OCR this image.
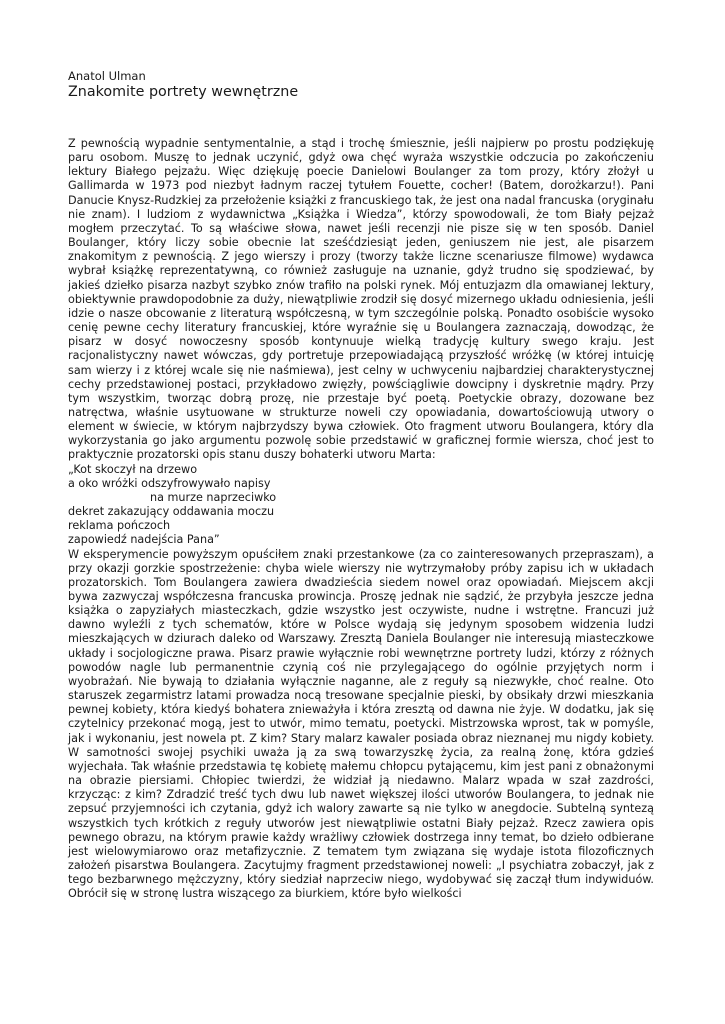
Anatol Ulman

Znakomite portrety wewnętrzne

Z pewnością wypadnie sentymentalnie, a stąd i trochę śmiesznie, jeśli najpierw po prostu podziękuję paru osobom. Muszę to jednak uczynić, gdyż owa chęć wyraża wszystkie odczucia po zakończeniu lektury Białego pejzażu. Więc dziękuję poecie Danielowi Boulanger za tom prozy, który złożył u Gallimarda w 1973 pod niezbyt ładnym raczej tytułem Fouette, cocher! (Batem, dorożkarzu!). Pani Danucie Knysz-Rudzkiej za przełożenie książki z francuskiego tak, że jest ona nadal francuska (oryginału nie znam). I ludziom z wydawnictwa „Książka i Wiedza”, którzy spowodowali, że tom Biały pejzaż mogłem przeczytać. To są właściwe słowa, nawet jeśli recenzji nie pisze się w ten sposób. Daniel Boulanger, który liczy sobie obecnie lat sześćdziesiąt jeden, geniuszem nie jest, ale pisarzem znakomitym z pewnością. Z jego wierszy i prozy (tworzy także liczne scenariusze filmowe) wydawca wybrał książkę reprezentatywną, co również zasługuje na uznanie, gdyż trudno się spodziewać, by jakieś dziełko pisarza nazbyt szybko znów trafiło na polski rynek. Mój entuzjazm dla omawianej lektury, obiektywnie prawdopodobnie za duży, niewątpliwie zrodził się dosyć mizernego układu odniesienia, jeśli idzie o nasze obcowanie z literaturą współczesną, w tym szczególnie polską. Ponadto osobiście wysoko cenię pewne cechy literatury francuskiej, które wyraźnie się u Boulangera zaznaczają, dowodząc, że pisarz w dosyć nowoczesny sposób kontynuuje wielką tradycję kultury swego kraju. Jest racjonalistyczny nawet wówczas, gdy portretuje przepowiadającą przyszłość wróżkę (w której intuicję sam wierzy i z której wcale się nie naśmiewa), jest celny w uchwyceniu najbardziej charakterystycznej cechy przedstawionej postaci, przykładowo zwięzły, powściągliwie dowcipny i dyskretnie mądry. Przy tym wszystkim, tworząc dobrą prozę, nie przestaje być poetą. Poetyckie obrazy, dozowane bez natręctwa, właśnie usytuowane w strukturze noweli czy opowiadania, dowartościowują utwory o element w świecie, w którym najbrzydszy bywa człowiek. Oto fragment utworu Boulangera, który dla wykorzystania go jako argumentu pozwolę sobie przedstawić w graficznej formie wiersza, choć jest to praktycznie prozatorski opis stanu duszy bohaterki utworu Marta:

„Kot skoczył na drzewo
a oko wróżki odszyfrowywało napisy
na murze naprzeciwko
dekret zakazujący oddawania moczu
reklama pończoch
zapowiedź nadejścia Pana”

W eksperymencie powyższym opuściłem znaki przestankowe (za co zainteresowanych przepraszam), a przy okazji gorzkie spostrzeżenie: chyba wiele wierszy nie wytrzymałoby próby zapisu ich w układach prozatorskich. Tom Boulangera zawiera dwadzieścia siedem nowel oraz opowiadań. Miejscem akcji bywa zazwyczaj współczesna francuska prowincja. Proszę jednak nie sądzić, że przybyła jeszcze jedna książka o zapyziałych miasteczkach, gdzie wszystko jest oczywiste, nudne i wstrętne. Francuzi już dawno wyleźli z tych schematów, które w Polsce wydają się jedynym sposobem widzenia ludzi mieszkających w dziurach daleko od Warszawy. Zresztą Daniela Boulanger nie interesują miasteczkowe układy i socjologiczne prawa. Pisarz prawie wyłącznie robi wewnętrzne portrety ludzi, którzy z różnych powodów nagle lub permanentnie czynią coś nie przylegającego do ogólnie przyjętych norm i wyobrażań. Nie bywają to działania wyłącznie naganne, ale z reguły są niezwykłe, choć realne. Oto staruszek zegarmistrz latami prowadza nocą tresowane specjalnie pieski, by obsikały drzwi mieszkania pewnej kobiety, która kiedyś bohatera znieważyła i która zresztą od dawna nie żyje. W dodatku, jak się czytelnicy przekonać mogą, jest to utwór, mimo tematu, poetycki. Mistrzowska wprost, tak w pomyśle, jak i wykonaniu, jest nowela pt. Z kim? Stary malarz kawaler posiada obraz nieznanej mu nigdy kobiety. W samotności swojej psychiki uważa ją za swą towarzyszkę życia, za realną żonę, która gdzieś wyjechała. Tak właśnie przedstawia tę kobietę małemu chłopcu pytającemu, kim jest pani z obnażonymi na obrazie piersiami. Chłopiec twierdzi, że widział ją niedawno. Malarz wpada w szał zazdrości, krzycząc: z kim? Zdradzić treść tych dwu lub nawet większej ilości utworów Boulangera, to jednak nie zepsuć przyjemności ich czytania, gdyż ich walory zawarte są nie tylko w anegdocie. Subtelną syntezą wszystkich tych krótkich z reguły utworów jest niewątpliwie ostatni Biały pejzaż. Rzecz zawiera opis pewnego obrazu, na którym prawie każdy wrażliwy człowiek dostrzega inny temat, bo dzieło odbierane jest wielowymiarowo oraz metafizycznie. Z tematem tym związana się wydaje istota filozoficznych założeń pisarstwa Boulangera. Zacytujmy fragment przedstawionej noweli: „I psychiatra zobaczył, jak z tego bezbarwnego mężczyzny, który siedział naprzeciw niego, wydobywać się zaczął tłum indywiduów. Obrócił się w stronę lustra wiszącego za biurkiem, które było wielkości
